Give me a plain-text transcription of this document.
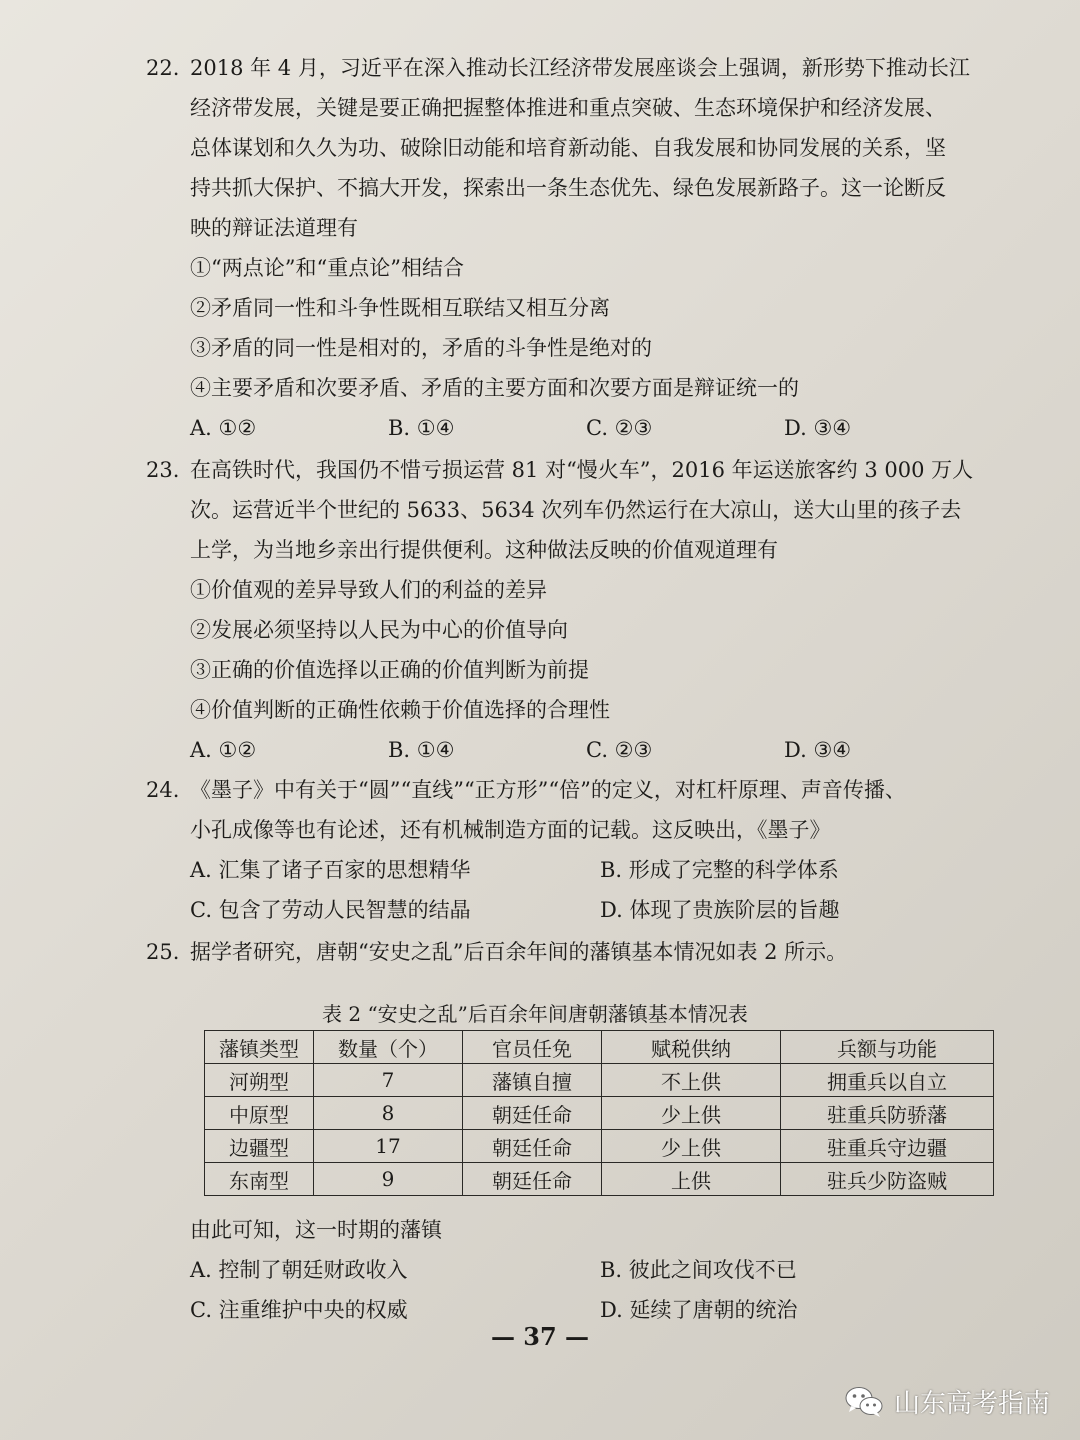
22. 2018 年 4 月，习近平在深入推动长江经济带发展座谈会上强调，新形势下推动长江
经济带发展，关键是要正确把握整体推进和重点突破、生态环境保护和经济发展、
总体谋划和久久为功、破除旧动能和培育新动能、自我发展和协同发展的关系，坚
持共抓大保护、不搞大开发，探索出一条生态优先、绿色发展新路子。这一论断反
映的辩证法道理有
①“两点论”和“重点论”相结合
②矛盾同一性和斗争性既相互联结又相互分离
③矛盾的同一性是相对的，矛盾的斗争性是绝对的
④主要矛盾和次要矛盾、矛盾的主要方面和次要方面是辩证统一的
A. ①②	B. ①④	C. ②③	D. ③④
23. 在高铁时代，我国仍不惜亏损运营 81 对“慢火车”，2016 年运送旅客约 3 000 万人
次。运营近半个世纪的 5633、5634 次列车仍然运行在大凉山，送大山里的孩子去
上学，为当地乡亲出行提供便利。这种做法反映的价值观道理有
①价值观的差异导致人们的利益的差异
②发展必须坚持以人民为中心的价值导向
③正确的价值选择以正确的价值判断为前提
④价值判断的正确性依赖于价值选择的合理性
A. ①②	B. ①④	C. ②③	D. ③④
24. 《墨子》中有关于“圆”“直线”“正方形”“倍”的定义，对杠杆原理、声音传播、
小孔成像等也有论述，还有机械制造方面的记载。这反映出，《墨子》
A. 汇集了诸子百家的思想精华	B. 形成了完整的科学体系
C. 包含了劳动人民智慧的结晶	D. 体现了贵族阶层的旨趣
25. 据学者研究，唐朝“安史之乱”后百余年间的藩镇基本情况如表 2 所示。
表 2 “安史之乱”后百余年间唐朝藩镇基本情况表
藩镇类型	数量（个）	官员任免	赋税供纳	兵额与功能
河朔型	7	藩镇自擅	不上供	拥重兵以自立
中原型	8	朝廷任命	少上供	驻重兵防骄藩
边疆型	17	朝廷任命	少上供	驻重兵守边疆
东南型	9	朝廷任命	上供	驻兵少防盗贼
由此可知，这一时期的藩镇
A. 控制了朝廷财政收入	B. 彼此之间攻伐不已
C. 注重维护中央的权威	D. 延续了唐朝的统治
— 37 —
山东高考指南
